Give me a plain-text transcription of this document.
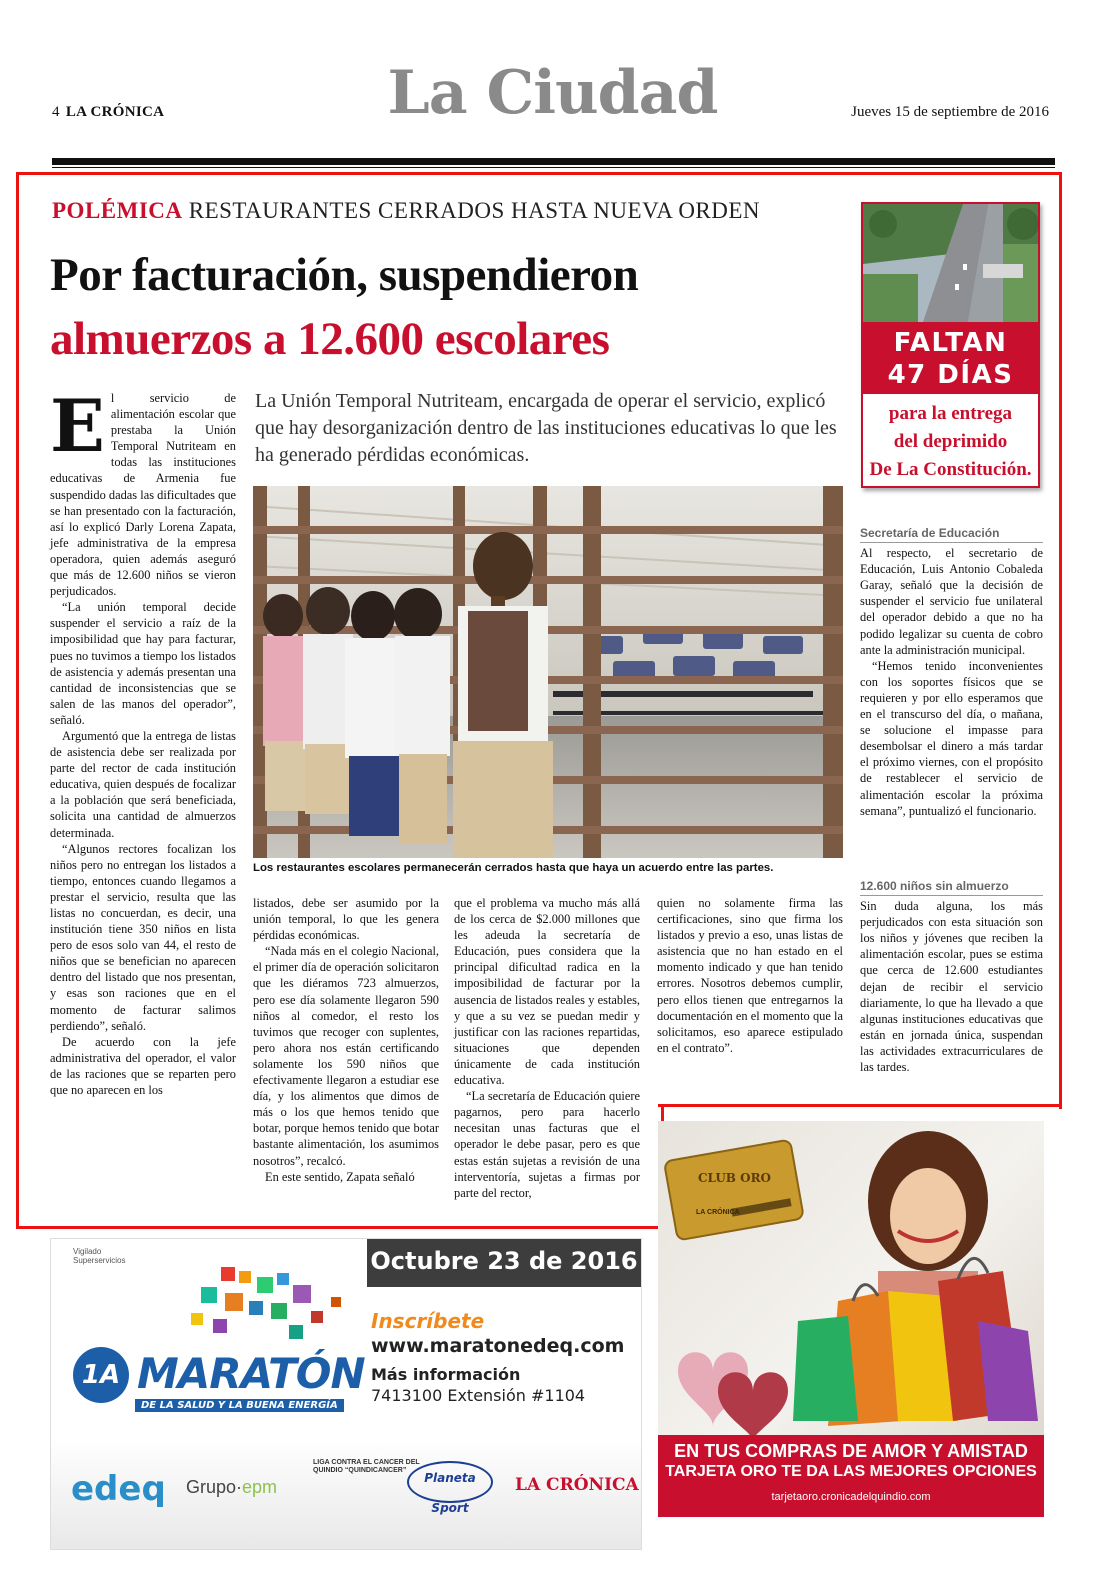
4 LA CRÓNICA	La Ciudad	Jueves 15 de septiembre de 2016
POLÉMICA RESTAURANTES CERRADOS HASTA NUEVA ORDEN
Por facturación, suspendieron
almuerzos a 12.600 escolares
La Unión Temporal Nutriteam, encargada de operar el servicio, explicó que hay desorganización dentro de las instituciones educativas lo que les ha generado pérdidas económicas.
E l servicio de alimentación escolar que prestaba la Unión Temporal Nutriteam en todas las instituciones educativas de Armenia fue suspendido dadas las dificultades que se han presentado con la facturación, así lo explicó Darly Lorena Zapata, jefe administrativa de la empresa operadora, quien además aseguró que más de 12.600 niños se vieron perjudicados.

“La unión temporal decide suspender el servicio a raíz de la imposibilidad que hay para facturar, pues no tuvimos a tiempo los listados de asistencia y además presentan una cantidad de inconsistencias que se salen de las manos del operador”, señaló.

Argumentó que la entrega de listas de asistencia debe ser realizada por parte del rector de cada institución educativa, quien después de focalizar a la población que será beneficiada, solicita una cantidad de almuerzos determinada.

“Algunos rectores focalizan los niños pero no entregan los listados a tiempo, entonces cuando llegamos a prestar el servicio, resulta que las listas no concuerdan, es decir, una institución tiene 350 niños en lista pero de esos solo van 44, el resto de niños que se benefician no aparecen dentro del listado que nos presentan, y esas son raciones que en el momento de facturar salimos perdiendo”, señaló.

De acuerdo con la jefe administrativa del operador, el valor de las raciones que se reparten pero que no aparecen en los

Los restaurantes escolares permanecerán cerrados hasta que haya un acuerdo entre las partes.

listados, debe ser asumido por la unión temporal, lo que les genera pérdidas económicas.

“Nada más en el colegio Nacional, el primer día de operación solicitaron que les diéramos 723 almuerzos, pero ese día solamente llegaron 590 niños al comedor, el resto los tuvimos que recoger con suplentes, pero ahora nos están certificando solamente los 590 niños que efectivamente llegaron a estudiar ese día, y los alimentos que dimos de más o los que hemos tenido que botar, porque hemos tenido que botar bastante alimentación, los asumimos nosotros”, recalcó.

En este sentido, Zapata señaló

que el problema va mucho más allá de los cerca de $2.000 millones que les adeuda la secretaría de Educación, pues considera que la principal dificultad radica en la imposibilidad de facturar por la ausencia de listados reales y estables, y que a su vez se puedan medir y justificar con las raciones repartidas, situaciones que dependen únicamente de cada institución educativa.

“La secretaría de Educación quiere pagarnos, pero para hacerlo necesitan unas facturas que el operador le debe pasar, pero es que estas están sujetas a revisión de una interventoría, sujetas a firmas por parte del rector,

quien no solamente firma las certificaciones, sino que firma los listados y previo a eso, unas listas de asistencia que no han estado en el momento indicado y que han tenido errores. Nosotros debemos cumplir, pero ellos tienen que entregarnos la documentación en el momento que la solicitamos, eso aparece estipulado en el contrato”.

FALTAN
47 DÍAS
para la entrega
del deprimido
De La Constitución.
Secretaría de Educación

Al respecto, el secretario de Educación, Luis Antonio Cobaleda Garay, señaló que la decisión de suspender el servicio fue unilateral del operador debido a que no ha podido legalizar su cuenta de cobro ante la administración municipal.

“Hemos tenido inconvenientes con los soportes físicos que se requieren y por ello esperamos que en el transcurso del día, o mañana, se solucione el impasse para desembolsar el dinero a más tardar el próximo viernes, con el propósito de restablecer el servicio de alimentación escolar la próxima semana”, puntualizó el funcionario.

12.600 niños sin almuerzo

Sin duda alguna, los más perjudicados con esta situación son los niños y jóvenes que reciben la alimentación escolar, pues se estima que cerca de 12.600 estudiantes dejan de recibir el servicio diariamente, lo que ha llevado a que algunas instituciones educativas que están en jornada única, suspendan las actividades extracurriculares de las tardes.

Vigilado
Superservicios	Octubre 23 de 2016
1A MARATÓN
DE LA SALUD Y LA BUENA ENERGÍA
Inscríbete
www.maratonedeq.com
Más información
7413100 Extensión #1104
edeq Grupo·epm
LIGA CONTRA EL CANCER DEL QUINDIO “QUINDICANCER”
Planeta Sport
LA CRÓNICA
CLUB ORO
LA CRÓNICA
EN TUS COMPRAS DE AMOR Y AMISTAD
TARJETA ORO TE DA LAS MEJORES OPCIONES
tarjetaoro.cronicadelquindio.com
